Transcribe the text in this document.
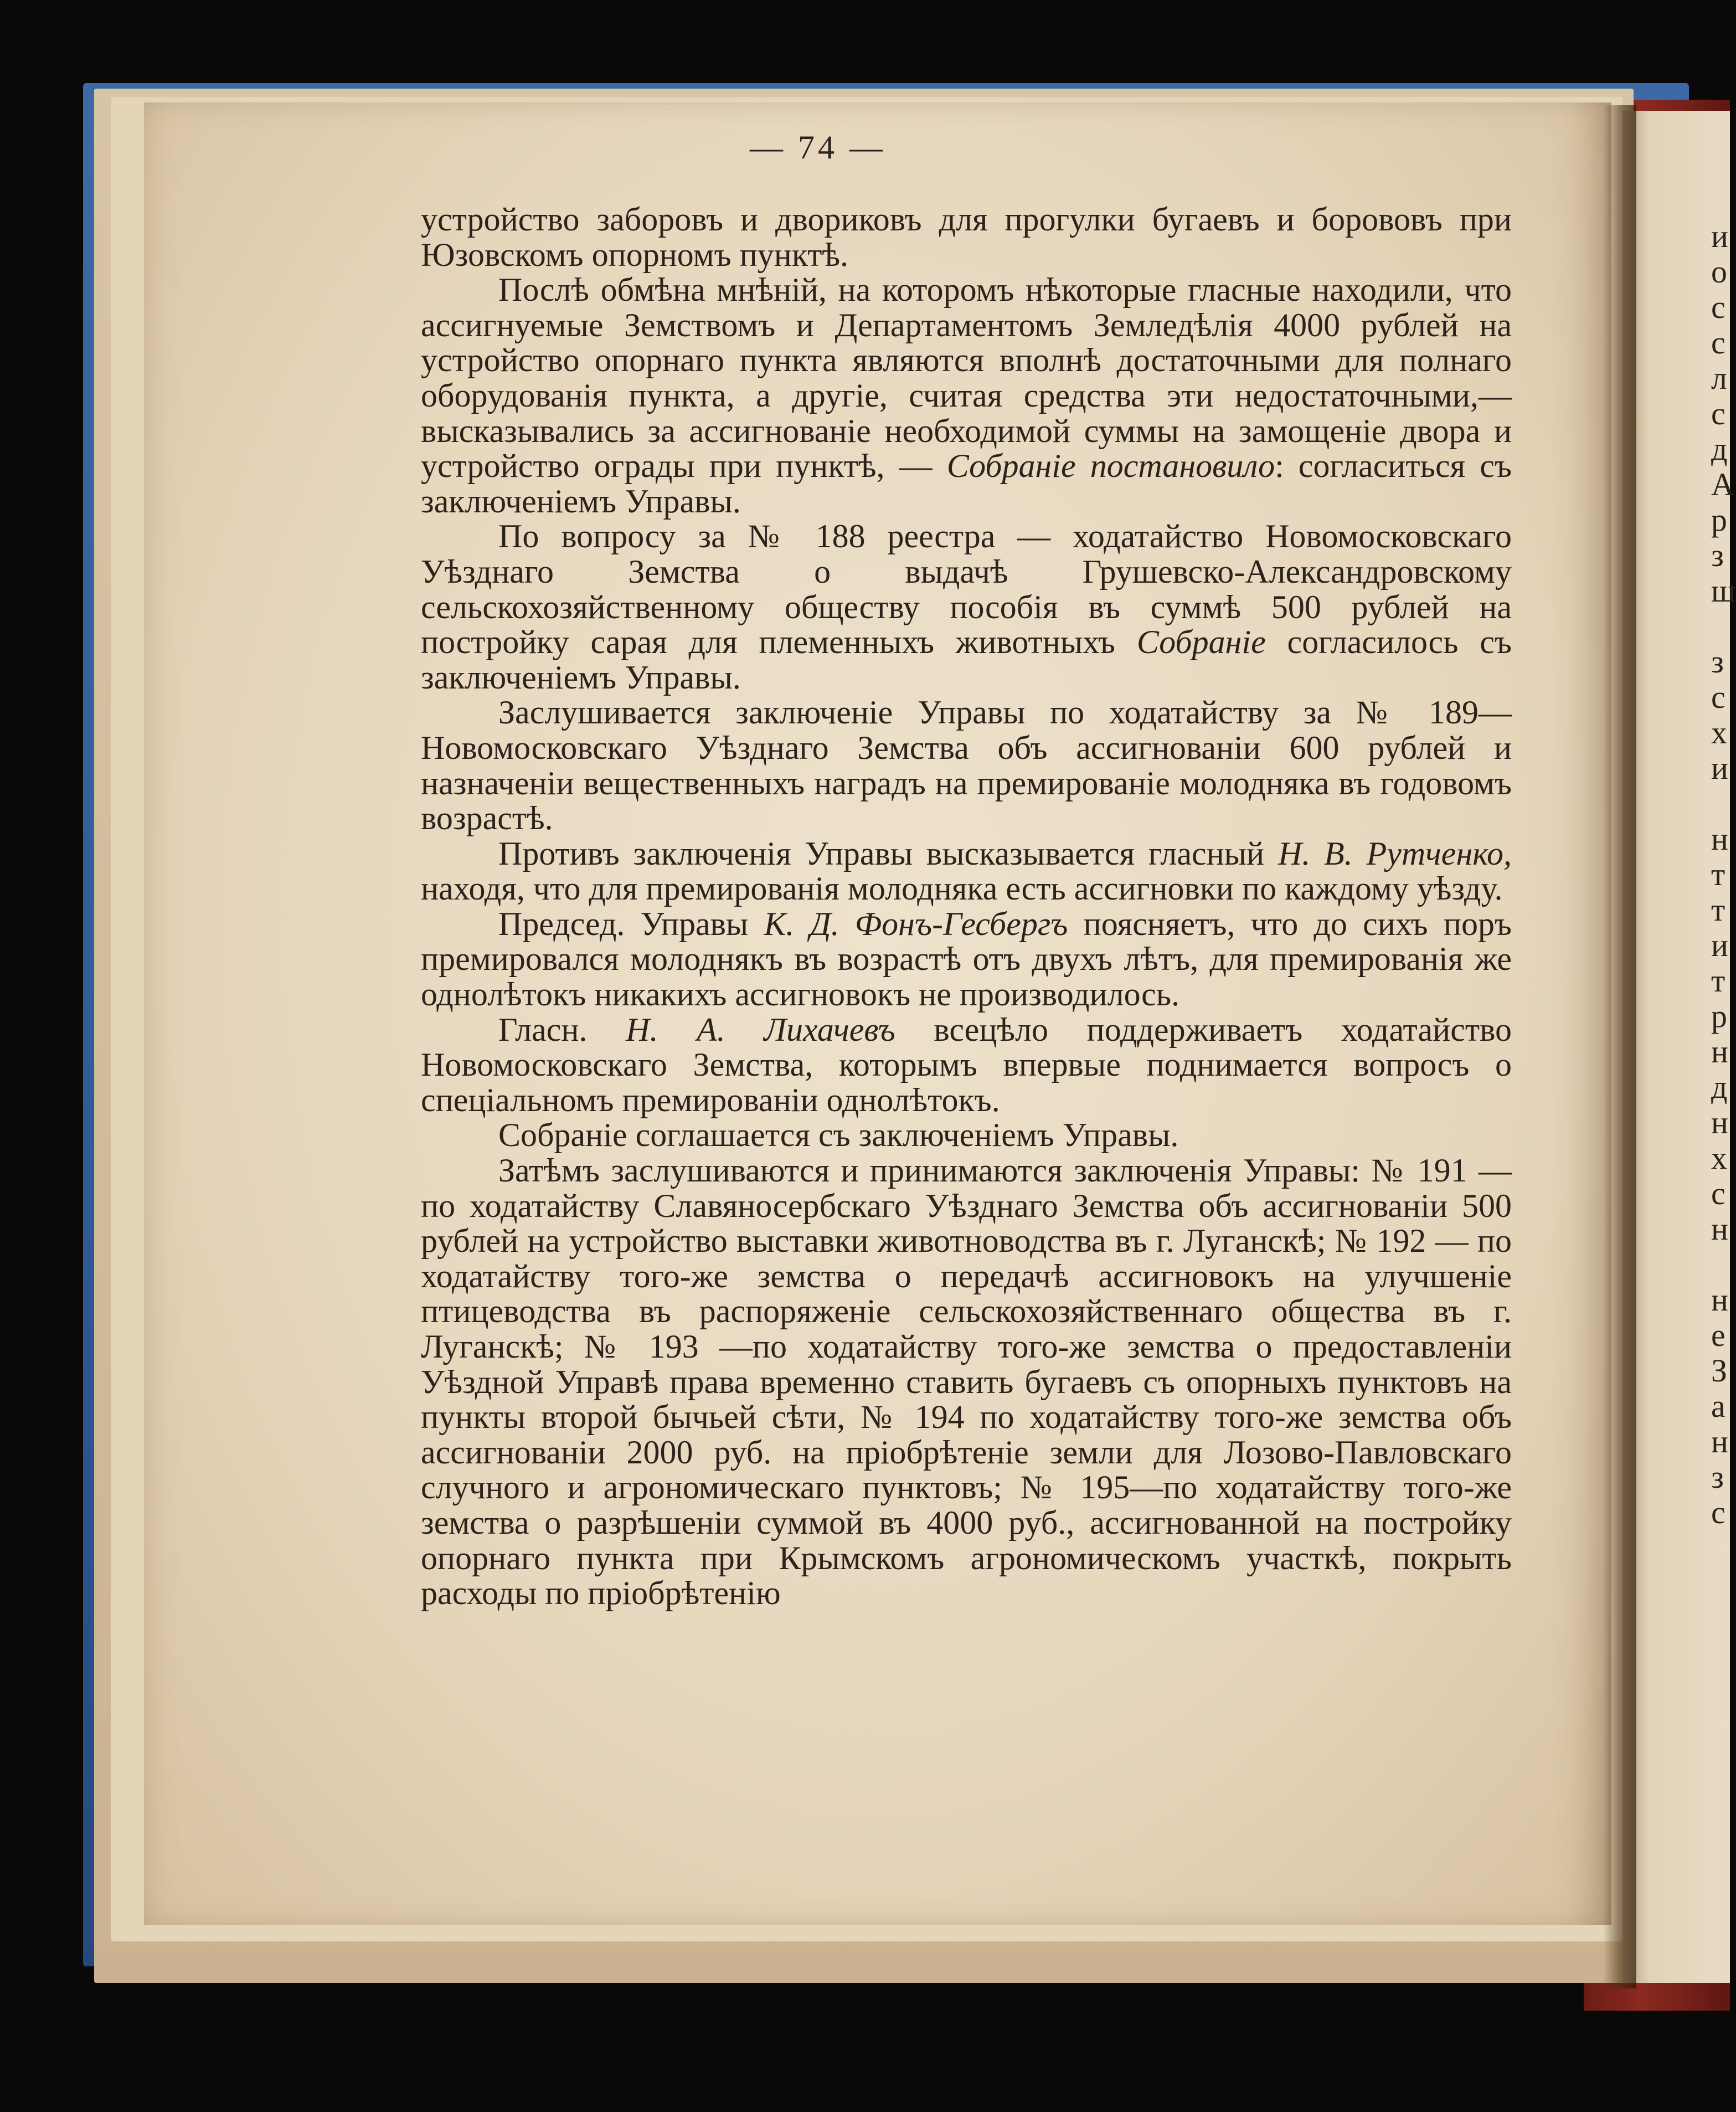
— 74 —

устройство заборовъ и двориковъ для прогулки бугаевъ и борововъ при Юзовскомъ опорномъ пунктѣ.

Послѣ обмѣна мнѣній, на которомъ нѣкоторые гласные находили, что ассигнуемые Земствомъ и Департаментомъ Земледѣлія 4000 рублей на устройство опорнаго пункта являются вполнѣ достаточными для полнаго оборудованія пункта, а другіе, считая средства эти недостаточными,— высказывались за ассигнованіе необходимой суммы на замощеніе двора и устройство ограды при пунктѣ, — Собраніе постановило: согласиться съ заключеніемъ Управы.

По вопросу за № 188 реестра — ходатайство Новомосковскаго Уѣзднаго Земства о выдачѣ Грушевско-Александровскому сельскохозяйственному обществу пособія въ суммѣ 500 рублей на постройку сарая для племенныхъ животныхъ Собраніе согласилось съ заключеніемъ Управы.

Заслушивается заключеніе Управы по ходатайству за № 189—Новомосковскаго Уѣзднаго Земства объ ассигнованіи 600 рублей и назначеніи вещественныхъ наградъ на премированіе молодняка въ годовомъ возрастѣ.

Противъ заключенія Управы высказывается гласный Н. В. Рутченко, находя, что для премированія молодняка есть ассигновки по каждому уѣзду.

Председ. Управы К. Д. Фонъ-Гесбергъ поясняетъ, что до сихъ поръ премировался молоднякъ въ возрастѣ отъ двухъ лѣтъ, для премированія же однолѣтокъ никакихъ ассигновокъ не производилось.

Гласн. Н. А. Лихачевъ всецѣло поддерживаетъ ходатайство Новомосковскаго Земства, которымъ впервые поднимается вопросъ о спеціальномъ премированіи однолѣтокъ.

Собраніе соглашается съ заключеніемъ Управы.

Затѣмъ заслушиваются и принимаются заключенія Управы: № 191 —по ходатайству Славяносербскаго Уѣзднаго Земства объ ассигнованіи 500 рублей на устройство выставки животноводства въ г. Луганскѣ; № 192 — по ходатайству того-же земства о передачѣ ассигновокъ на улучшеніе птицеводства въ распоряженіе сельскохозяйственнаго общества въ г. Луганскѣ; № 193 —по ходатайству того-же земства о предоставленіи Уѣздной Управѣ права временно ставить бугаевъ съ опорныхъ пунктовъ на пункты второй бычьей сѣти, № 194 по ходатайству того-же земства объ ассигнованіи 2000 руб. на пріобрѣтеніе земли для Лозово-Павловскаго случного и агрономическаго пунктовъ; № 195—по ходатайству того-же земства о разрѣшеніи суммой въ 4000 руб., ассигнованной на постройку опорнаго пункта при Крымскомъ агрономическомъ участкѣ, покрыть расходы по пріобрѣтенію

и
о
с
с
л
с
д
А
р
з
ш

з
с
х
и

н
т
т
и
т
р
н
д
н
х
с
н

н
е
З
а
н
з
с
